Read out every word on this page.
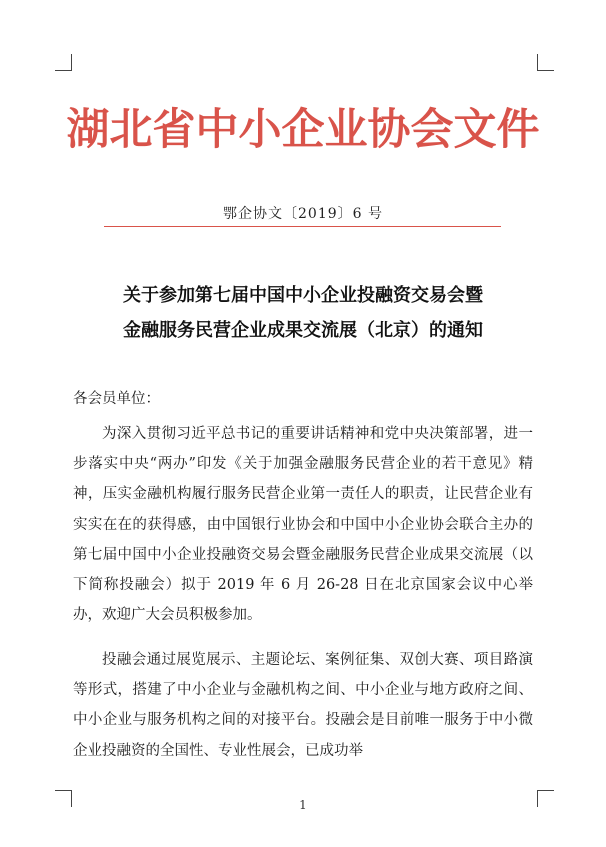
湖北省中小企业协会文件
鄂企协文〔2019〕6 号
关于参加第七届中国中小企业投融资交易会暨
金融服务民营企业成果交流展（北京）的通知
各会员单位：
为深入贯彻习近平总书记的重要讲话精神和党中央决策部署，进一步落实中央“两办”印发《关于加强金融服务民营企业的若干意见》精神，压实金融机构履行服务民营企业第一责任人的职责，让民营企业有实实在在的获得感，由中国银行业协会和中国中小企业协会联合主办的第七届中国中小企业投融资交易会暨金融服务民营企业成果交流展（以下简称投融会）拟于 2019 年 6 月 26-28 日在北京国家会议中心举办，欢迎广大会员积极参加。
投融会通过展览展示、主题论坛、案例征集、双创大赛、项目路演等形式，搭建了中小企业与金融机构之间、中小企业与地方政府之间、中小企业与服务机构之间的对接平台。投融会是目前唯一服务于中小微企业投融资的全国性、专业性展会，已成功举
1
